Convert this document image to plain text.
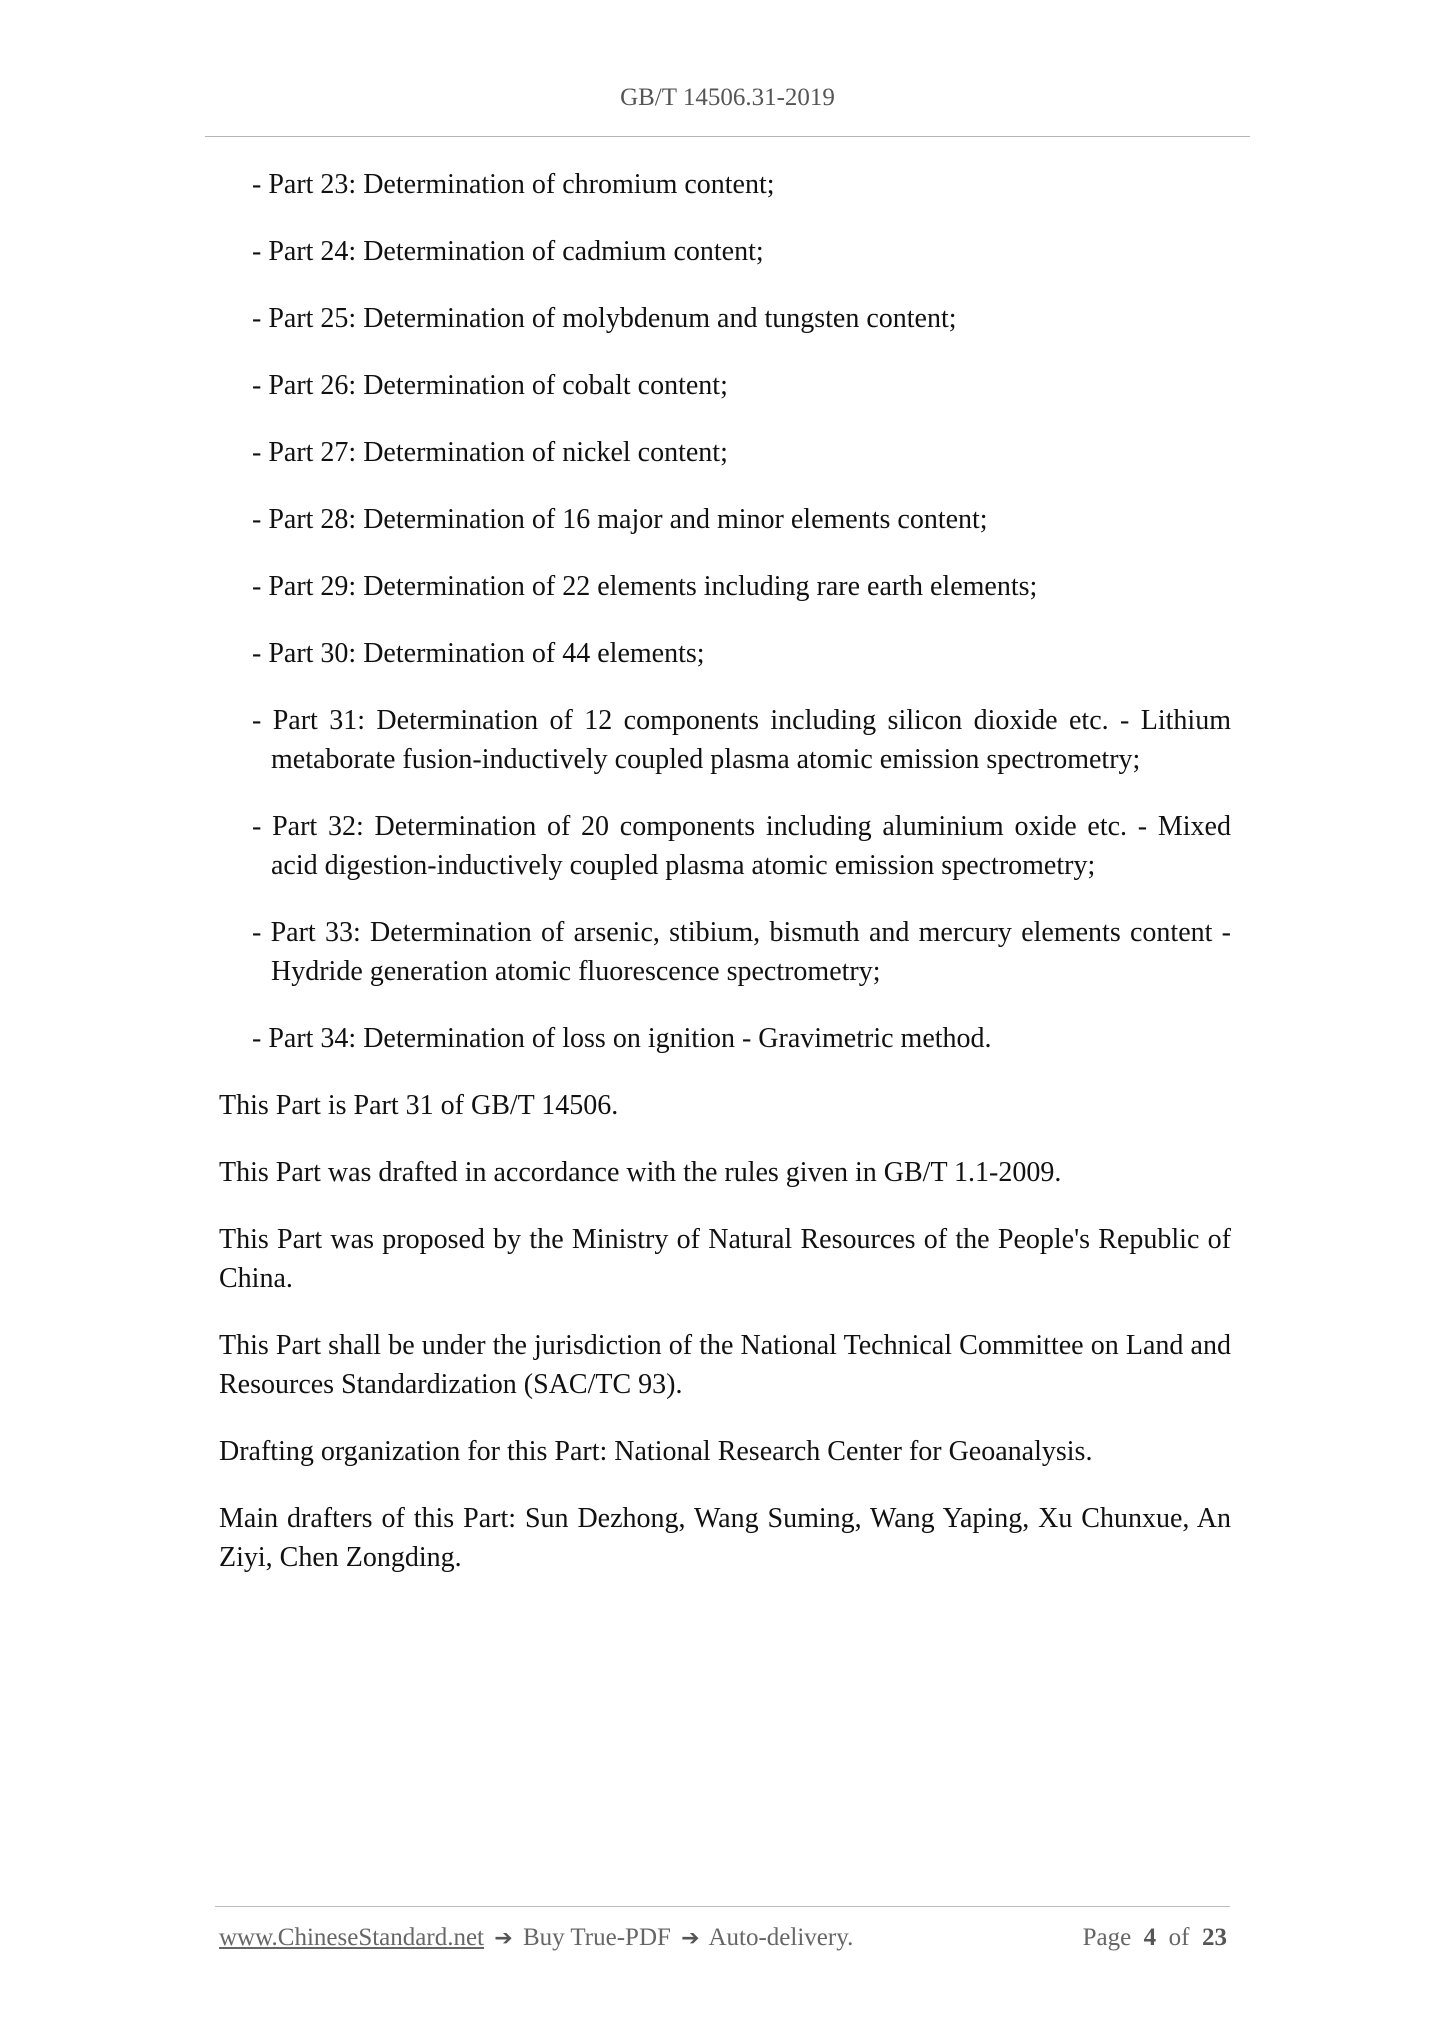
GB/T 14506.31-2019
- Part 23: Determination of chromium content;
- Part 24: Determination of cadmium content;
- Part 25: Determination of molybdenum and tungsten content;
- Part 26: Determination of cobalt content;
- Part 27: Determination of nickel content;
- Part 28: Determination of 16 major and minor elements content;
- Part 29: Determination of 22 elements including rare earth elements;
- Part 30: Determination of 44 elements;
- Part 31: Determination of 12 components including silicon dioxide etc. - Lithium metaborate fusion-inductively coupled plasma atomic emission spectrometry;
- Part 32: Determination of 20 components including aluminium oxide etc. - Mixed acid digestion-inductively coupled plasma atomic emission spectrometry;
- Part 33: Determination of arsenic, stibium, bismuth and mercury elements content - Hydride generation atomic fluorescence spectrometry;
- Part 34: Determination of loss on ignition - Gravimetric method.

This Part is Part 31 of GB/T 14506.

This Part was drafted in accordance with the rules given in GB/T 1.1-2009.

This Part was proposed by the Ministry of Natural Resources of the People's Republic of China.

This Part shall be under the jurisdiction of the National Technical Committee on Land and Resources Standardization (SAC/TC 93).

Drafting organization for this Part: National Research Center for Geoanalysis.

Main drafters of this Part: Sun Dezhong, Wang Suming, Wang Yaping, Xu Chunxue, An Ziyi, Chen Zongding.

www.ChineseStandard.net ➔ Buy True-PDF ➔ Auto-delivery.	Page 4 of 23
